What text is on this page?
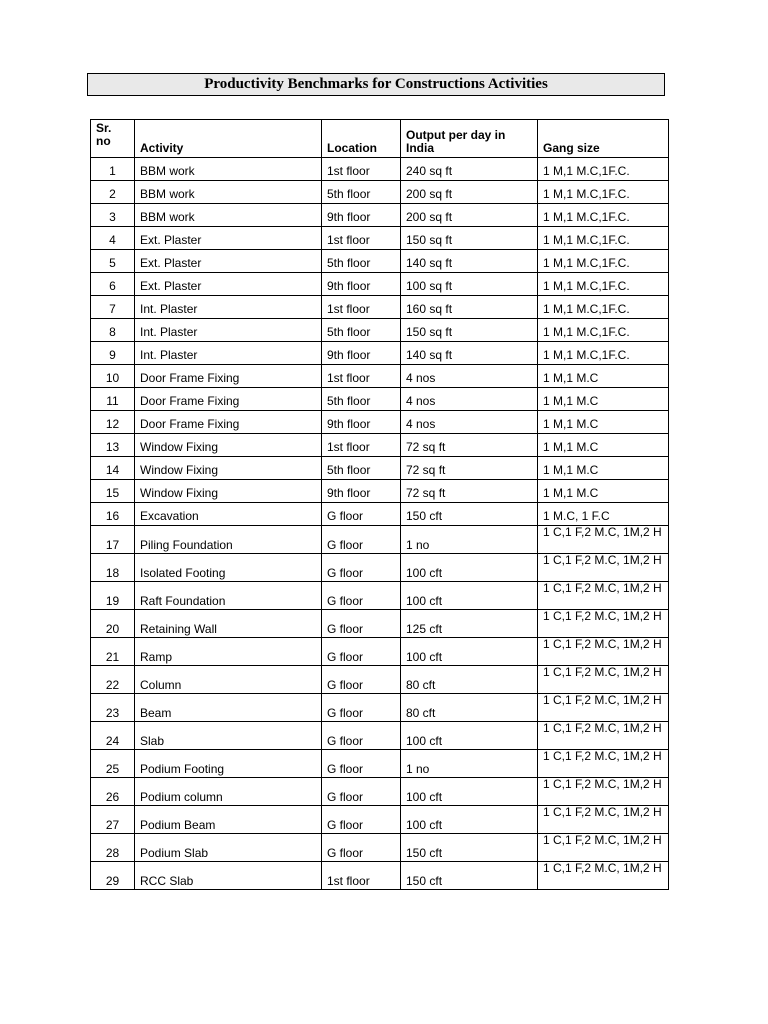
Productivity Benchmarks for Constructions Activities
Sr. no	Activity	Location	Output per day in India	Gang size
1	BBM work	1st floor	240 sq ft	1 M,1 M.C,1F.C.
2	BBM work	5th floor	200 sq ft	1 M,1 M.C,1F.C.
3	BBM work	9th floor	200 sq ft	1 M,1 M.C,1F.C.
4	Ext. Plaster	1st floor	150 sq ft	1 M,1 M.C,1F.C.
5	Ext. Plaster	5th floor	140 sq ft	1 M,1 M.C,1F.C.
6	Ext. Plaster	9th floor	100 sq ft	1 M,1 M.C,1F.C.
7	Int. Plaster	1st floor	160 sq ft	1 M,1 M.C,1F.C.
8	Int. Plaster	5th floor	150 sq ft	1 M,1 M.C,1F.C.
9	Int. Plaster	9th floor	140 sq ft	1 M,1 M.C,1F.C.
10	Door Frame Fixing	1st floor	4 nos	1 M,1 M.C
11	Door Frame Fixing	5th floor	4 nos	1 M,1 M.C
12	Door Frame Fixing	9th floor	4 nos	1 M,1 M.C
13	Window Fixing	1st floor	72 sq ft	1 M,1 M.C
14	Window Fixing	5th floor	72 sq ft	1 M,1 M.C
15	Window Fixing	9th floor	72 sq ft	1 M,1 M.C
16	Excavation	G floor	150 cft	1 M.C, 1 F.C
17	Piling Foundation	G floor	1 no	1 C,1 F,2 M.C, 1M,2 H

18	Isolated Footing	G floor	100 cft	1 C,1 F,2 M.C, 1M,2 H

19	Raft Foundation	G floor	100 cft	1 C,1 F,2 M.C, 1M,2 H

20	Retaining Wall	G floor	125 cft	1 C,1 F,2 M.C, 1M,2 H

21	Ramp	G floor	100 cft	1 C,1 F,2 M.C, 1M,2 H

22	Column	G floor	80 cft	1 C,1 F,2 M.C, 1M,2 H

23	Beam	G floor	80 cft	1 C,1 F,2 M.C, 1M,2 H

24	Slab	G floor	100 cft	1 C,1 F,2 M.C, 1M,2 H

25	Podium Footing	G floor	1 no	1 C,1 F,2 M.C, 1M,2 H

26	Podium column	G floor	100 cft	1 C,1 F,2 M.C, 1M,2 H

27	Podium Beam	G floor	100 cft	1 C,1 F,2 M.C, 1M,2 H

28	Podium Slab	G floor	150 cft	1 C,1 F,2 M.C, 1M,2 H

29	RCC Slab	1st floor	150 cft	1 C,1 F,2 M.C, 1M,2 H
